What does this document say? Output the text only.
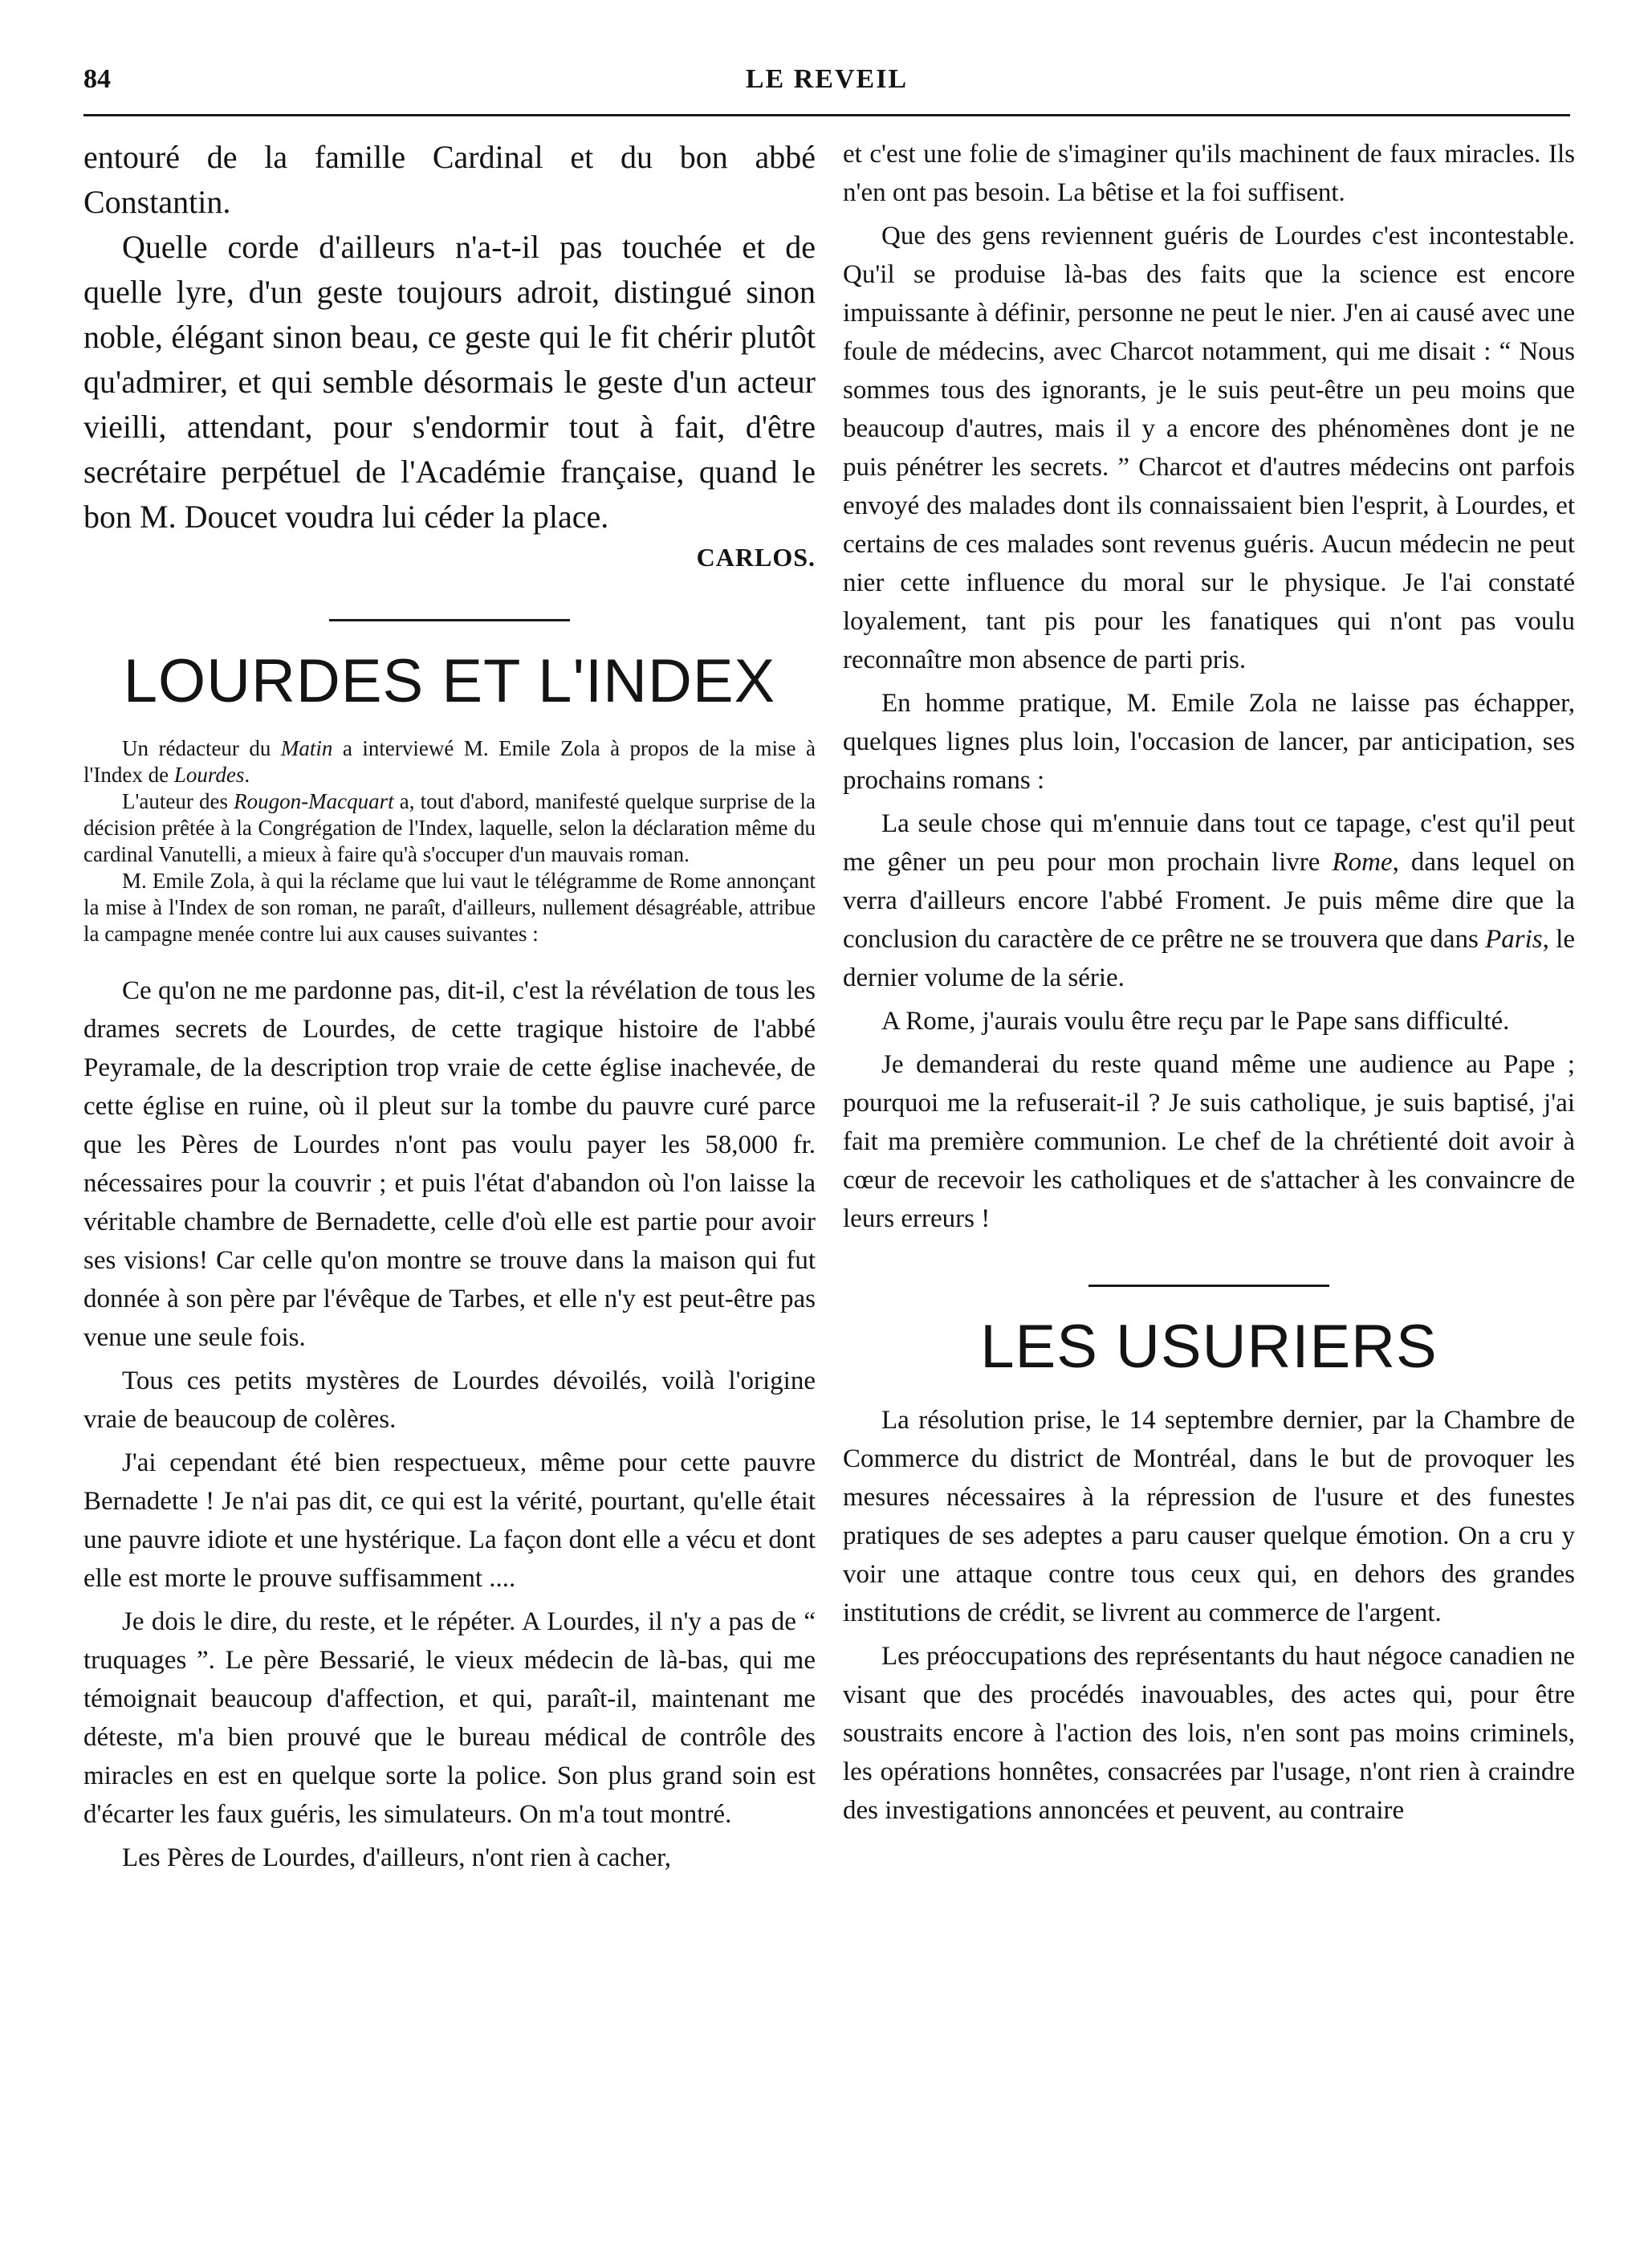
84	LE REVEIL

entouré de la famille Cardinal et du bon abbé Constantin.

Quelle corde d'ailleurs n'a-t-il pas touchée et de quelle lyre, d'un geste toujours adroit, distingué sinon noble, élégant sinon beau, ce geste qui le fit chérir plutôt qu'admirer, et qui semble désormais le geste d'un acteur vieilli, attendant, pour s'endormir tout à fait, d'être secrétaire perpétuel de l'Académie française, quand le bon M. Doucet voudra lui céder la place.

CARLOS.
LOURDES ET L'INDEX

Un rédacteur du Matin a interviewé M. Emile Zola à propos de la mise à l'Index de Lourdes.

L'auteur des Rougon-Macquart a, tout d'abord, manifesté quelque surprise de la décision prêtée à la Congrégation de l'Index, laquelle, selon la déclaration même du cardinal Vanutelli, a mieux à faire qu'à s'occuper d'un mauvais roman.

M. Emile Zola, à qui la réclame que lui vaut le télégramme de Rome annonçant la mise à l'Index de son roman, ne paraît, d'ailleurs, nullement désagréable, attribue la campagne menée contre lui aux causes suivantes :

Ce qu'on ne me pardonne pas, dit-il, c'est la révélation de tous les drames secrets de Lourdes, de cette tragique histoire de l'abbé Peyramale, de la description trop vraie de cette église inachevée, de cette église en ruine, où il pleut sur la tombe du pauvre curé parce que les Pères de Lourdes n'ont pas voulu payer les 58,000 fr. nécessaires pour la couvrir ; et puis l'état d'abandon où l'on laisse la véritable chambre de Bernadette, celle d'où elle est partie pour avoir ses visions! Car celle qu'on montre se trouve dans la maison qui fut donnée à son père par l'évêque de Tarbes, et elle n'y est peut-être pas venue une seule fois.

Tous ces petits mystères de Lourdes dévoilés, voilà l'origine vraie de beaucoup de colères.

J'ai cependant été bien respectueux, même pour cette pauvre Bernadette ! Je n'ai pas dit, ce qui est la vérité, pourtant, qu'elle était une pauvre idiote et une hystérique. La façon dont elle a vécu et dont elle est morte le prouve suffisamment ....

Je dois le dire, du reste, et le répéter. A Lourdes, il n'y a pas de “ truquages ”. Le père Bessarié, le vieux médecin de là-bas, qui me témoignait beaucoup d'affection, et qui, paraît-il, maintenant me déteste, m'a bien prouvé que le bureau médical de contrôle des miracles en est en quelque sorte la police. Son plus grand soin est d'écarter les faux guéris, les simulateurs. On m'a tout montré.

Les Pères de Lourdes, d'ailleurs, n'ont rien à cacher,

et c'est une folie de s'imaginer qu'ils machinent de faux miracles. Ils n'en ont pas besoin. La bêtise et la foi suffisent.

Que des gens reviennent guéris de Lourdes c'est incontestable. Qu'il se produise là-bas des faits que la science est encore impuissante à définir, personne ne peut le nier. J'en ai causé avec une foule de médecins, avec Charcot notamment, qui me disait : “ Nous sommes tous des ignorants, je le suis peut-être un peu moins que beaucoup d'autres, mais il y a encore des phénomènes dont je ne puis pénétrer les secrets. ” Charcot et d'autres médecins ont parfois envoyé des malades dont ils connaissaient bien l'esprit, à Lourdes, et certains de ces malades sont revenus guéris. Aucun médecin ne peut nier cette influence du moral sur le physique. Je l'ai constaté loyalement, tant pis pour les fanatiques qui n'ont pas voulu reconnaître mon absence de parti pris.

En homme pratique, M. Emile Zola ne laisse pas échapper, quelques lignes plus loin, l'occasion de lancer, par anticipation, ses prochains romans :

La seule chose qui m'ennuie dans tout ce tapage, c'est qu'il peut me gêner un peu pour mon prochain livre Rome, dans lequel on verra d'ailleurs encore l'abbé Froment. Je puis même dire que la conclusion du caractère de ce prêtre ne se trouvera que dans Paris, le dernier volume de la série.

A Rome, j'aurais voulu être reçu par le Pape sans difficulté.

Je demanderai du reste quand même une audience au Pape ; pourquoi me la refuserait-il ? Je suis catholique, je suis baptisé, j'ai fait ma première communion. Le chef de la chrétienté doit avoir à cœur de recevoir les catholiques et de s'attacher à les convaincre de leurs erreurs !

LES USURIERS

La résolution prise, le 14 septembre dernier, par la Chambre de Commerce du district de Montréal, dans le but de provoquer les mesures nécessaires à la répression de l'usure et des funestes pratiques de ses adeptes a paru causer quelque émotion. On a cru y voir une attaque contre tous ceux qui, en dehors des grandes institutions de crédit, se livrent au commerce de l'argent.

Les préoccupations des représentants du haut négoce canadien ne visant que des procédés inavouables, des actes qui, pour être soustraits encore à l'action des lois, n'en sont pas moins criminels, les opérations honnêtes, consacrées par l'usage, n'ont rien à craindre des investigations annoncées et peuvent, au contraire
